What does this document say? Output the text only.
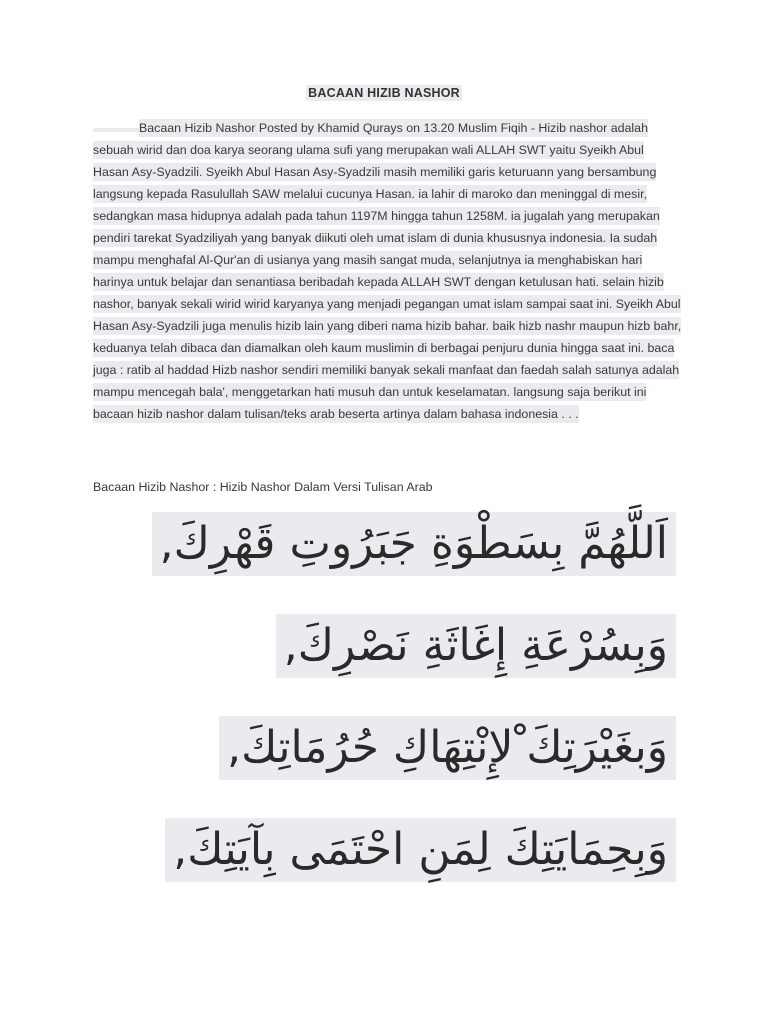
BACAAN HIZIB NASHOR
Bacaan Hizib Nashor Posted by Khamid Qurays on 13.20 Muslim Fiqih - Hizib nashor adalah sebuah wirid dan doa karya seorang ulama sufi yang merupakan wali ALLAH SWT yaitu Syeikh Abul Hasan Asy-Syadzili. Syeikh Abul Hasan Asy-Syadzili masih memiliki garis keturuann yang bersambung langsung kepada Rasulullah SAW melalui cucunya Hasan. ia lahir di maroko dan meninggal di mesir, sedangkan masa hidupnya adalah pada tahun 1197M hingga tahun 1258M. ia jugalah yang merupakan pendiri tarekat Syadziliyah yang banyak diikuti oleh umat islam di dunia khususnya indonesia. Ia sudah mampu menghafal Al-Qur'an di usianya yang masih sangat muda, selanjutnya ia menghabiskan hari harinya untuk belajar dan senantiasa beribadah kepada ALLAH SWT dengan ketulusan hati. selain hizib nashor, banyak sekali wirid wirid karyanya yang menjadi pegangan umat islam sampai saat ini. Syeikh Abul Hasan Asy-Syadzili juga menulis hizib lain yang diberi nama hizib bahar. baik hizb nashr maupun hizb bahr, keduanya telah dibaca dan diamalkan oleh kaum muslimin di berbagai penjuru dunia hingga saat ini. baca juga : ratib al haddad Hizb nashor sendiri memiliki banyak sekali manfaat dan faedah salah satunya adalah mampu mencegah bala', menggetarkan hati musuh dan untuk keselamatan. langsung saja berikut ini bacaan hizib nashor dalam tulisan/teks arab beserta artinya dalam bahasa indonesia . . .
Bacaan Hizib Nashor : Hizib Nashor Dalam Versi Tulisan Arab
اَللَّهُمَّ بِسَطْوَةِ جَبَرُوتِ قَهْرِكَ,
وَبِسُرْعَةِ إِغَاثَةِ نَصْرِكَ,
وَبغَيْرَتِكَ ْلإِنْتِهَاكِ حُرُمَاتِكَ,
وَبِحِمَايَتِكَ لِمَنِ احْتَمَى بِآيَتِكَ,
